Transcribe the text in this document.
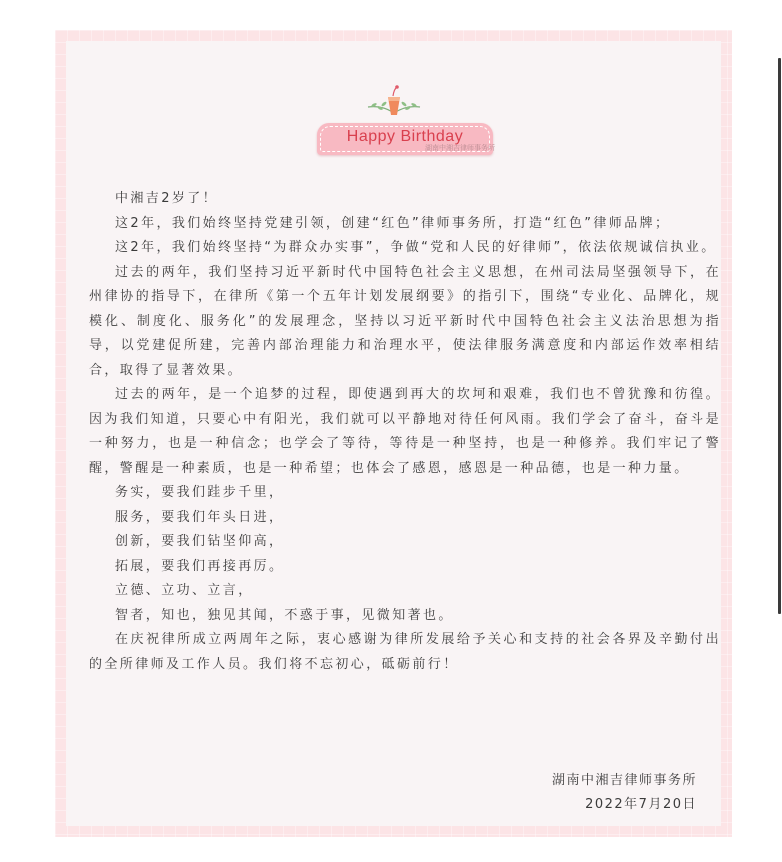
Happy Birthday
湖南中湘吉律师事务所

中湘吉2岁了！

这2年，我们始终坚持党建引领，创建“红色”律师事务所，打造“红色”律师品牌；

这2年，我们始终坚持“为群众办实事”，争做“党和人民的好律师”，依法依规诚信执业。

过去的两年，我们坚持习近平新时代中国特色社会主义思想，在州司法局坚强领导下，在州律协的指导下，在律所《第一个五年计划发展纲要》的指引下，围绕“专业化、品牌化，规模化、制度化、服务化”的发展理念，坚持以习近平新时代中国特色社会主义法治思想为指导，以党建促所建，完善内部治理能力和治理水平，使法律服务满意度和内部运作效率相结合，取得了显著效果。

过去的两年，是一个追梦的过程，即使遇到再大的坎坷和艰难，我们也不曾犹豫和彷徨。因为我们知道，只要心中有阳光，我们就可以平静地对待任何风雨。我们学会了奋斗，奋斗是一种努力，也是一种信念；也学会了等待，等待是一种坚持，也是一种修养。我们牢记了警醒，警醒是一种素质，也是一种希望；也体会了感恩，感恩是一种品德，也是一种力量。

务实，要我们跬步千里，

服务，要我们年头日进，

创新，要我们钻坚仰高，

拓展，要我们再接再厉。

立德、立功、立言，

智者，知也，独见其闻，不惑于事，见微知著也。

在庆祝律所成立两周年之际，衷心感谢为律所发展给予关心和支持的社会各界及辛勤付出的全所律师及工作人员。我们将不忘初心，砥砺前行！

湖南中湘吉律师事务所
2022年7月20日
